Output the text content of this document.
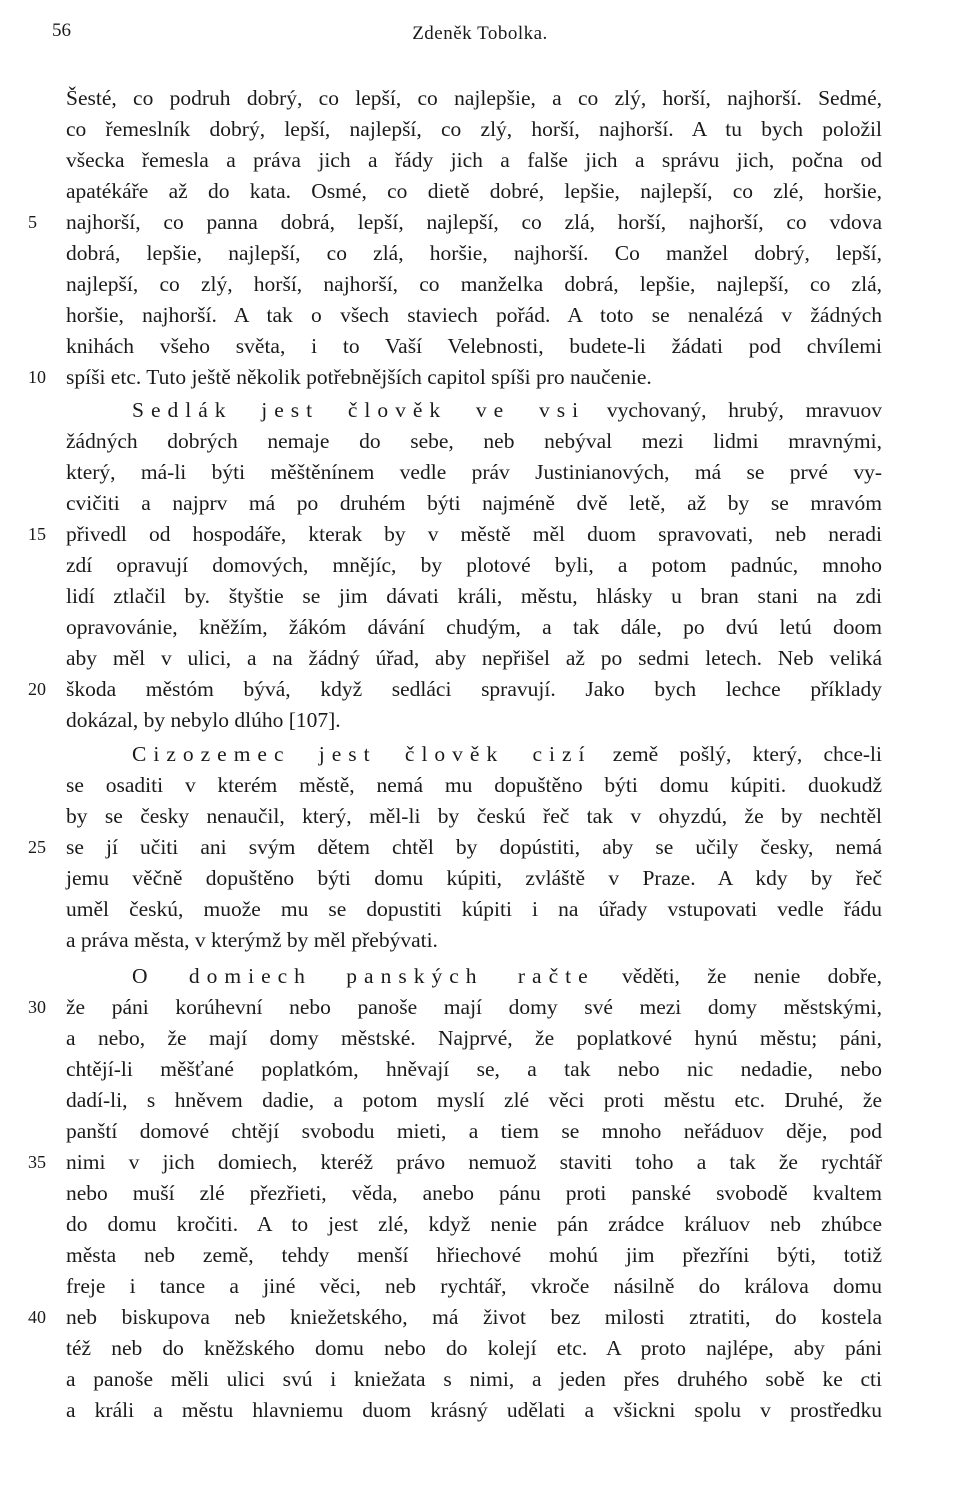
56	Zdeněk Tobolka.
Šesté, co podruh dobrý, co lepší, co najlepšie, a co zlý, horší, najhorší. Sedmé,
co řemeslník dobrý, lepší, najlepší, co zlý, horší, najhorší. A tu bych položil
všecka řemesla a práva jich a řády jich a falše jich a správu jich, počna od
apatékáře až do kata. Osmé, co dietě dobré, lepšie, najlepší, co zlé, horšie,
5	najhorší, co panna dobrá, lepší, najlepší, co zlá, horší, najhorší, co vdova
dobrá, lepšie, najlepší, co zlá, horšie, najhorší. Co manžel dobrý, lepší,
najlepší, co zlý, horší, najhorší, co manželka dobrá, lepšie, najlepší, co zlá,
horšie, najhorší. A tak o všech staviech pořád. A toto se nenalézá v žádných
knihách všeho světa, i to Vaší Velebnosti, budete-li žádati pod chvílemi
10 spíši etc. Tuto ještě několik potřebnějších capitol spíši pro naučenie.
Sedlák jest člověk ve vsi vychovaný, hrubý, mravuov
žádných dobrých nemaje do sebe, neb nebýval mezi lidmi mravnými,
který, má-li býti měštěnínem vedle práv Justinianových, má se prvé vy-
cvičiti a najprv má po druhém býti najméně dvě letě, až by se mravóm
15 přivedl od hospodáře, kterak by v městě měl duom spravovati, neb neradi
zdí opravují domových, mnějíc, by plotové byli, a potom padnúc, mnoho
lidí ztlačil by. štyštie se jim dávati králi, městu, hlásky u bran stani na zdi
opravovánie, kněžím, žákóm dávání chudým, a tak dále, po dvú letú doom
aby měl v ulici, a na žádný úřad, aby nepřišel až po sedmi letech. Neb veliká
20 škoda městóm bývá, když sedláci spravují. Jako bych lechce příklady
dokázal, by nebylo dlúho [107].
Cizozemec jest člověk cizí země pošlý, který, chce-li
se osaditi v kterém městě, nemá mu dopuštěno býti domu kúpiti. duokudž
by se česky nenaučil, který, měl-li by českú řeč tak v ohyzdú, že by nechtěl
25 se jí učiti ani svým dětem chtěl by dopústiti, aby se učily česky, nemá
jemu věčně dopuštěno býti domu kúpiti, zvláště v Praze. A kdy by řeč
uměl českú, muože mu se dopustiti kúpiti i na úřady vstupovati vedle řádu
a práva města, v kterýmž by měl přebývati.
O domiech panských račte věděti, že nenie dobře,
30 že páni korúhevní nebo panoše mají domy své mezi domy městskými,
a nebo, že mají domy městské. Najprvé, že poplatkové hynú městu; páni,
chtějí-li měšťané poplatkóm, hněvají se, a tak nebo nic nedadie, nebo
dadí-li, s hněvem dadie, a potom myslí zlé věci proti městu etc. Druhé, že
panští domové chtějí svobodu mieti, a tiem se mnoho neřáduov děje, pod
35 nimi v jich domiech, kteréž právo nemuož staviti toho a tak že rychtář
nebo muší zlé přezřieti, věda, anebo pánu proti panské svobodě kvaltem
do domu kročiti. A to jest zlé, když nenie pán zrádce králuov neb zhúbce
města neb země, tehdy menší hřiechové mohú jim přezříni býti, totiž
freje i tance a jiné věci, neb rychtář, vkroče násilně do králova domu
40 neb biskupova neb kniežetského, má život bez milosti ztratiti, do kostela
též neb do kněžského domu nebo do kolejí etc. A proto najlépe, aby páni
a panoše měli ulici svú i kniežata s nimi, a jeden přes druhého sobě ke cti
a králi a městu hlavniemu duom krásný udělati a všickni spolu v prostředku
